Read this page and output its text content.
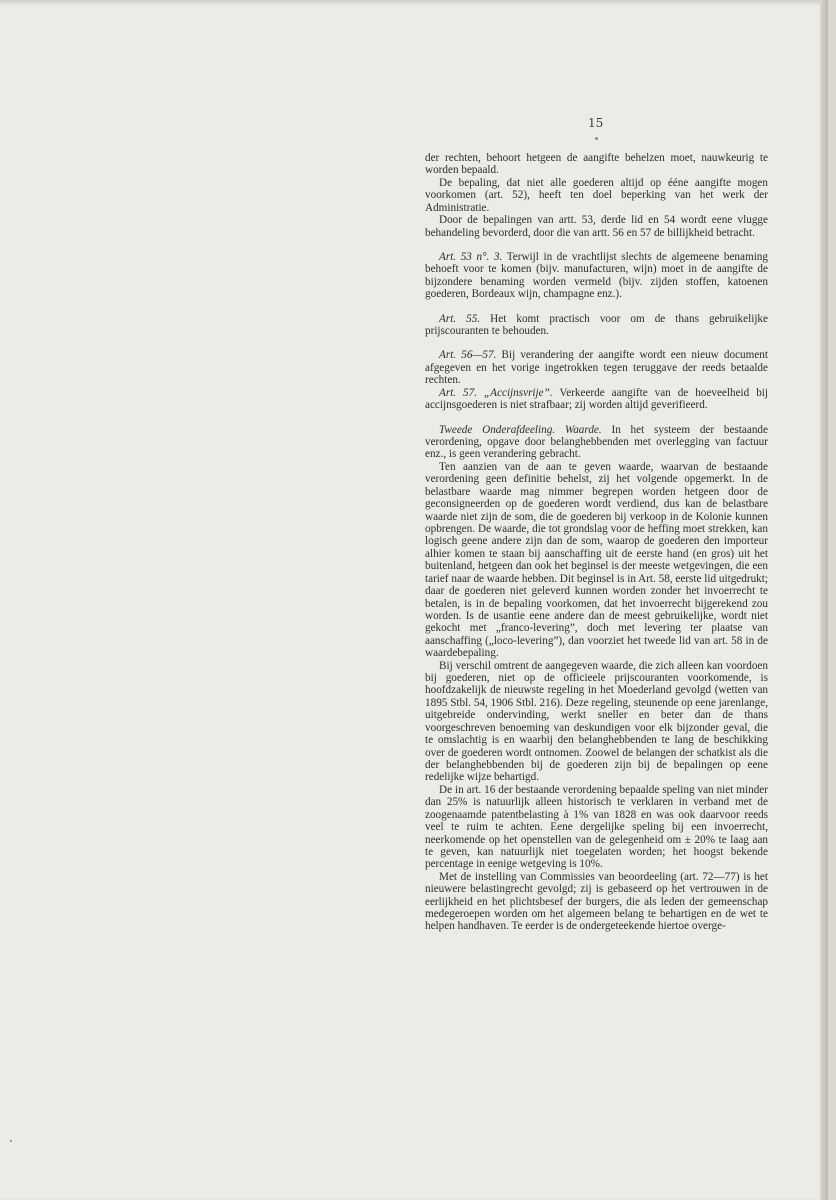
15

der rechten, behoort hetgeen de aangifte behelzen moet, nauwkeurig te worden bepaald.

De bepaling, dat niet alle goederen altijd op ééne aangifte mogen voorkomen (art. 52), heeft ten doel beperking van het werk der Administratie.

Door de bepalingen van artt. 53, derde lid en 54 wordt eene vlugge behandeling bevorderd, door die van artt. 56 en 57 de billijkheid betracht.

Art. 53 n°. 3. Terwijl in de vrachtlijst slechts de algemeene benaming behoeft voor te komen (bijv. manufacturen, wijn) moet in de aangifte de bijzondere benaming worden vermeld (bijv. zijden stoffen, katoenen goederen, Bordeaux wijn, champagne enz.).

Art. 55. Het komt practisch voor om de thans gebruikelijke prijscouranten te behouden.

Art. 56—57. Bij verandering der aangifte wordt een nieuw document afgegeven en het vorige ingetrokken tegen teruggave der reeds betaalde rechten.

Art. 57. „Accijnsvrije”. Verkeerde aangifte van de hoeveelheid bij accijnsgoederen is niet strafbaar; zij worden altijd geverifieerd.

Tweede Onderafdeeling. Waarde. In het systeem der bestaande verordening, opgave door belanghebbenden met overlegging van factuur enz., is geen verandering gebracht.

Ten aanzien van de aan te geven waarde, waarvan de bestaande verordening geen definitie behelst, zij het volgende opgemerkt. In de belastbare waarde mag nimmer begrepen worden hetgeen door de geconsigneerden op de goederen wordt verdiend, dus kan de belastbare waarde niet zijn de som, die de goederen bij verkoop in de Kolonie kunnen opbrengen. De waarde, die tot grondslag voor de heffing moet strekken, kan logisch geene andere zijn dan de som, waarop de goederen den importeur alhier komen te staan bij aanschaffing uit de eerste hand (en gros) uit het buitenland, hetgeen dan ook het beginsel is der meeste wetgevingen, die een tarief naar de waarde hebben. Dit beginsel is in Art. 58, eerste lid uitgedrukt; daar de goederen niet geleverd kunnen worden zonder het invoerrecht te betalen, is in de bepaling voorkomen, dat het invoerrecht bijgerekend zou worden. Is de usantie eene andere dan de meest gebruikelijke, wordt niet gekocht met „franco-levering”, doch met levering ter plaatse van aanschaffing („loco-levering”), dan voorziet het tweede lid van art. 58 in de waardebepaling.

Bij verschil omtrent de aangegeven waarde, die zich alleen kan voordoen bij goederen, niet op de officieele prijscouranten voorkomende, is hoofdzakelijk de nieuwste regeling in het Moederland gevolgd (wetten van 1895 Stbl. 54, 1906 Stbl. 216). Deze regeling, steunende op eene jarenlange, uitgebreide ondervinding, werkt sneller en beter dan de thans voorgeschreven benoeming van deskundigen voor elk bijzonder geval, die te omslachtig is en waarbij den belanghebbenden te lang de beschikking over de goederen wordt ontnomen. Zoowel de belangen der schatkist als die der belanghebbenden bij de goederen zijn bij de bepalingen op eene redelijke wijze behartigd.

De in art. 16 der bestaande verordening bepaalde speling van niet minder dan 25% is natuurlijk alleen historisch te verklaren in verband met de zoogenaamde patentbelasting à 1% van 1828 en was ook daarvoor reeds veel te ruim te achten. Eene dergelijke speling bij een invoerrecht, neerkomende op het openstellen van de gelegenheid om ± 20% te laag aan te geven, kan natuurlijk niet toegelaten worden; het hoogst bekende percentage in eenige wetgeving is 10%.

Met de instelling van Commissies van beoordeeling (art. 72—77) is het nieuwere belastingrecht gevolgd; zij is gebaseerd op het vertrouwen in de eerlijkheid en het plichtsbesef der burgers, die als leden der gemeenschap medegeroepen worden om het algemeen belang te behartigen en de wet te helpen handhaven. Te eerder is de ondergeteekende hiertoe overge-
